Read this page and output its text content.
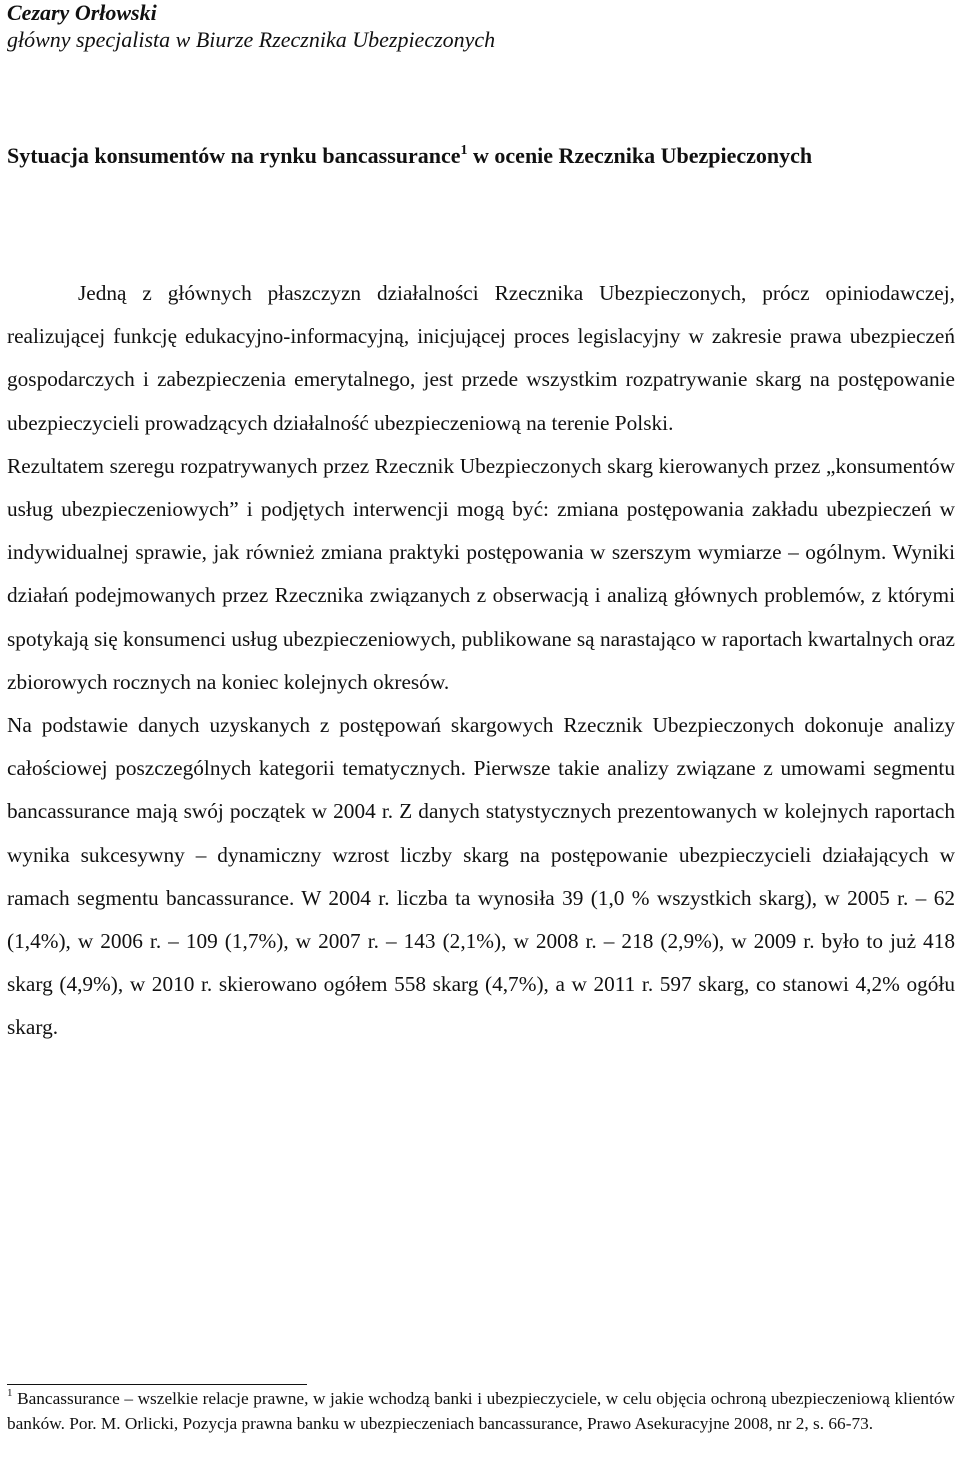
Cezary Orłowski
główny specjalista w Biurze Rzecznika Ubezpieczonych
Sytuacja konsumentów na rynku bancassurance$^1$ w ocenie Rzecznika Ubezpieczonych

Jedną z głównych płaszczyzn działalności Rzecznika Ubezpieczonych, prócz opiniodawczej, realizującej funkcję edukacyjno-informacyjną, inicjującej proces legislacyjny w zakresie prawa ubezpieczeń gospodarczych i zabezpieczenia emerytalnego, jest przede wszystkim rozpatrywanie skarg na postępowanie ubezpieczycieli prowadzących działalność ubezpieczeniową na terenie Polski.

Rezultatem szeregu rozpatrywanych przez Rzecznik Ubezpieczonych skarg kierowanych przez „konsumentów usług ubezpieczeniowych” i podjętych interwencji mogą być: zmiana postępowania zakładu ubezpieczeń w indywidualnej sprawie, jak również zmiana praktyki postępowania w szerszym wymiarze – ogólnym. Wyniki działań podejmowanych przez Rzecznika związanych z obserwacją i analizą głównych problemów, z którymi spotykają się konsumenci usług ubezpieczeniowych, publikowane są narastająco w raportach kwartalnych oraz zbiorowych rocznych na koniec kolejnych okresów.

Na podstawie danych uzyskanych z postępowań skargowych Rzecznik Ubezpieczonych dokonuje analizy całościowej poszczególnych kategorii tematycznych. Pierwsze takie analizy związane z umowami segmentu bancassurance mają swój początek w 2004 r. Z danych statystycznych prezentowanych w kolejnych raportach wynika sukcesywny – dynamiczny wzrost liczby skarg na postępowanie ubezpieczycieli działających w ramach segmentu bancassurance. W 2004 r. liczba ta wynosiła 39 (1,0 % wszystkich skarg), w 2005 r. – 62 (1,4%), w 2006 r. – 109 (1,7%), w 2007 r. – 143 (2,1%), w 2008 r. – 218 (2,9%), w 2009 r. było to już 418 skarg (4,9%), w 2010 r. skierowano ogółem 558 skarg (4,7%), a w 2011 r. 597 skarg, co stanowi 4,2% ogółu skarg.

$^1$ Bancassurance – wszelkie relacje prawne, w jakie wchodzą banki i ubezpieczyciele, w celu objęcia ochroną ubezpieczeniową klientów banków. Por. M. Orlicki, Pozycja prawna banku w ubezpieczeniach bancassurance, Prawo Asekuracyjne 2008, nr 2, s. 66-73.
